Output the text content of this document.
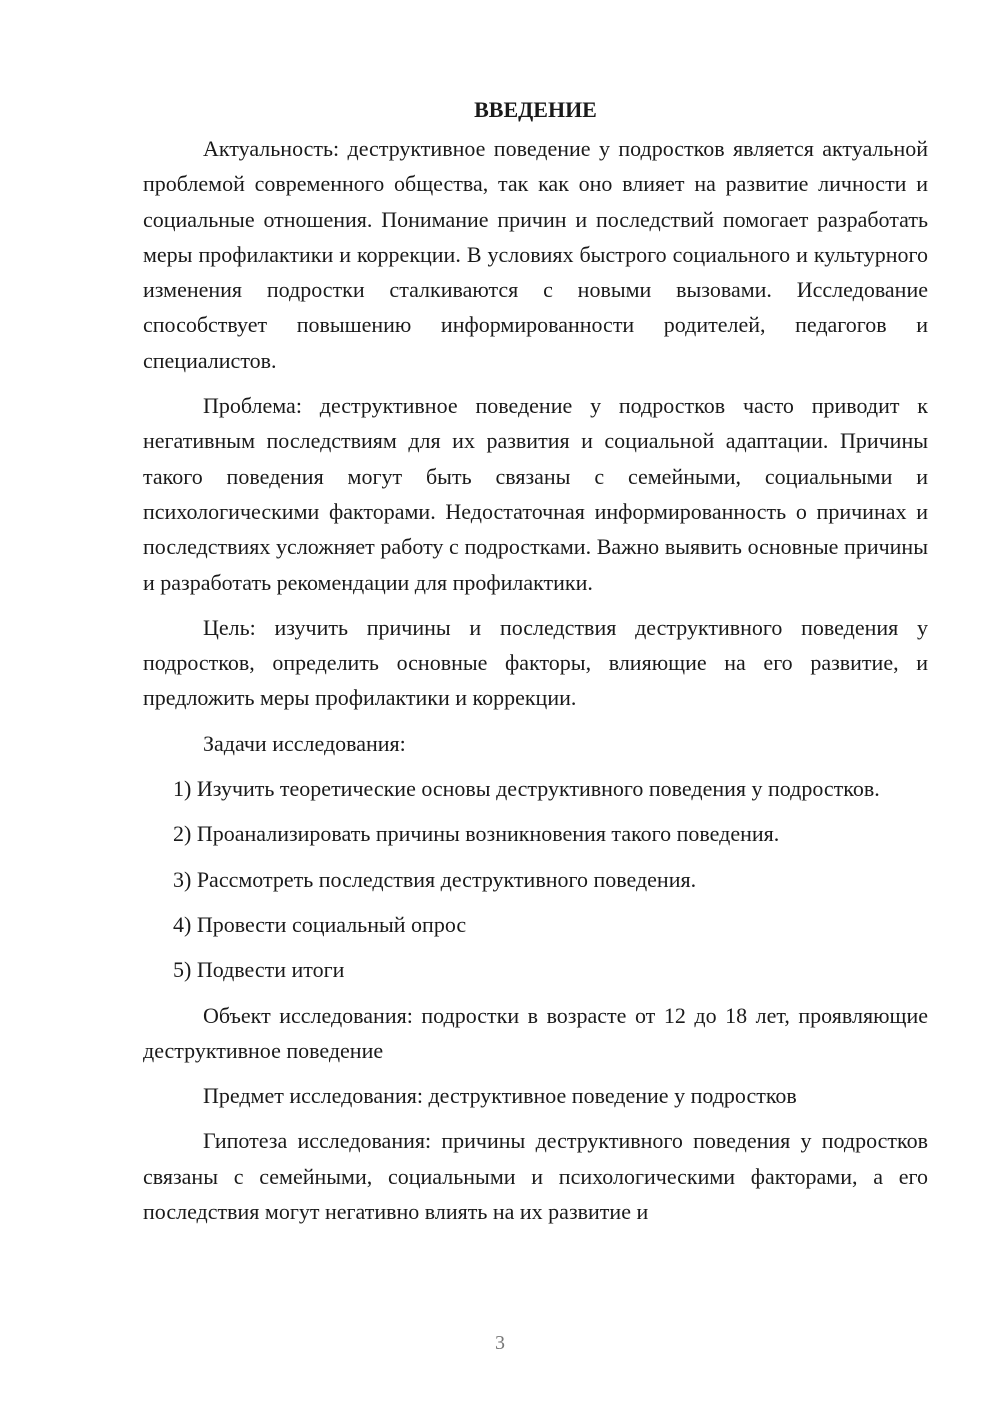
ВВЕДЕНИЕ

Актуальность: деструктивное поведение у подростков является актуальной проблемой современного общества, так как оно влияет на развитие личности и социальные отношения. Понимание причин и последствий помогает разработать меры профилактики и коррекции. В условиях быстрого социального и культурного изменения подростки сталкиваются с новыми вызовами. Исследование способствует повышению информированности родителей, педагогов и специалистов.

Проблема: деструктивное поведение у подростков часто приводит к негативным последствиям для их развития и социальной адаптации. Причины такого поведения могут быть связаны с семейными, социальными и психологическими факторами. Недостаточная информированность о причинах и последствиях усложняет работу с подростками. Важно выявить основные причины и разработать рекомендации для профилактики.

Цель: изучить причины и последствия деструктивного поведения у подростков, определить основные факторы, влияющие на его развитие, и предложить меры профилактики и коррекции.

Задачи исследования:

1) Изучить теоретические основы деструктивного поведения у подростков.

2) Проанализировать причины возникновения такого поведения.

3) Рассмотреть последствия деструктивного поведения.

4) Провести социальный опрос

5) Подвести итоги

Объект исследования: подростки в возрасте от 12 до 18 лет, проявляющие деструктивное поведение

Предмет исследования: деструктивное поведение у подростков

Гипотеза исследования: причины деструктивного поведения у подростков связаны с семейными, социальными и психологическими факторами, а его последствия могут негативно влиять на их развитие и

3
